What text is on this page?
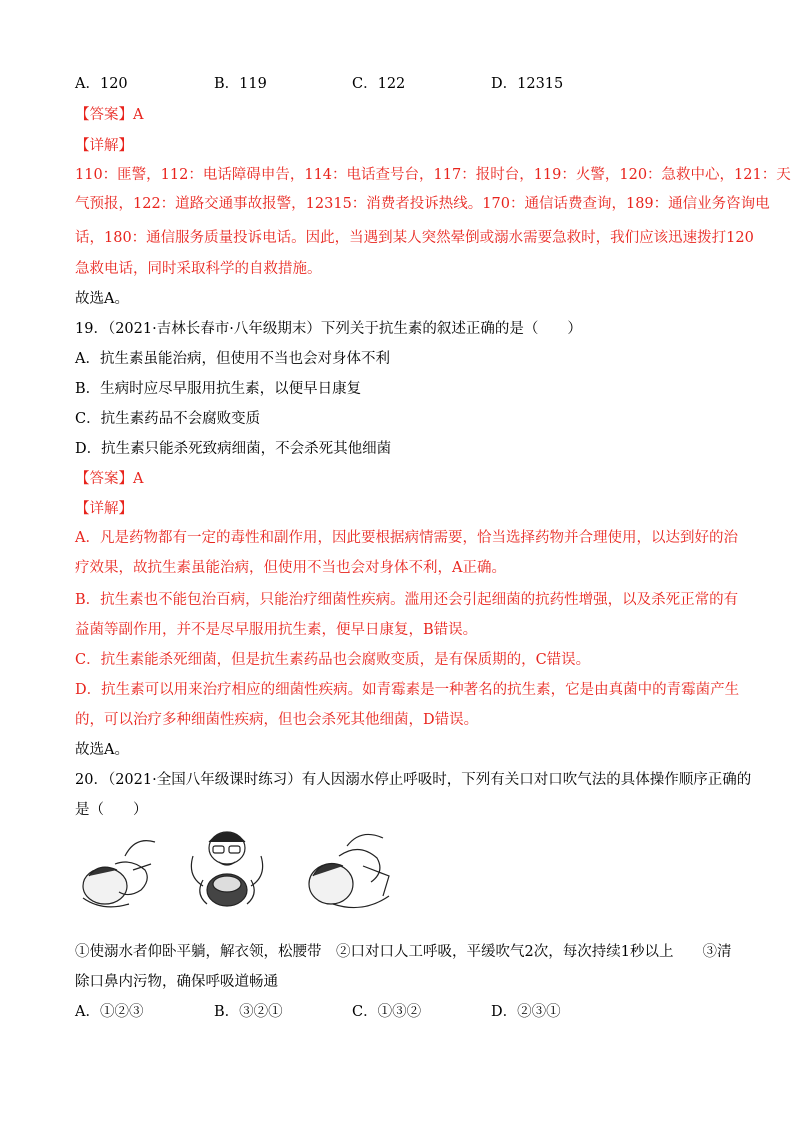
A．120	B．119	C．122	D．12315
【答案】A
【详解】
110：匪警，112：电话障碍申告，114：电话查号台，117：报时台，119：火警，120：急救中心，121：天
气预报，122：道路交通事故报警，12315：消费者投诉热线。170：通信话费查询，189：通信业务咨询电
话，180：通信服务质量投诉电话。因此，当遇到某人突然晕倒或溺水需要急救时，我们应该迅速拨打120
急救电话，同时采取科学的自救措施。
故选A。
19．（2021·吉林长春市·八年级期末）下列关于抗生素的叙述正确的是（　　）
A．抗生素虽能治病，但使用不当也会对身体不利
B．生病时应尽早服用抗生素，以便早日康复
C．抗生素药品不会腐败变质
D．抗生素只能杀死致病细菌，不会杀死其他细菌
【答案】A
【详解】
A．凡是药物都有一定的毒性和副作用，因此要根据病情需要，恰当选择药物并合理使用，以达到好的治
疗效果，故抗生素虽能治病，但使用不当也会对身体不利，A正确。
B．抗生素也不能包治百病，只能治疗细菌性疾病。滥用还会引起细菌的抗药性增强，以及杀死正常的有
益菌等副作用，并不是尽早服用抗生素，便早日康复，B错误。
C．抗生素能杀死细菌，但是抗生素药品也会腐败变质，是有保质期的，C错误。
D．抗生素可以用来治疗相应的细菌性疾病。如青霉素是一种著名的抗生素，它是由真菌中的青霉菌产生
的，可以治疗多种细菌性疾病，但也会杀死其他细菌，D错误。
故选A。
20．（2021·全国八年级课时练习）有人因溺水停止呼吸时，下列有关口对口吹气法的具体操作顺序正确的
是（　　）
①使溺水者仰卧平躺，解衣领，松腰带　②口对口人工呼吸，平缓吹气2次，每次持续1秒以上　　③清
除口鼻内污物，确保呼吸道畅通
A．①②③	B．③②①	C．①③②	D．②③①
